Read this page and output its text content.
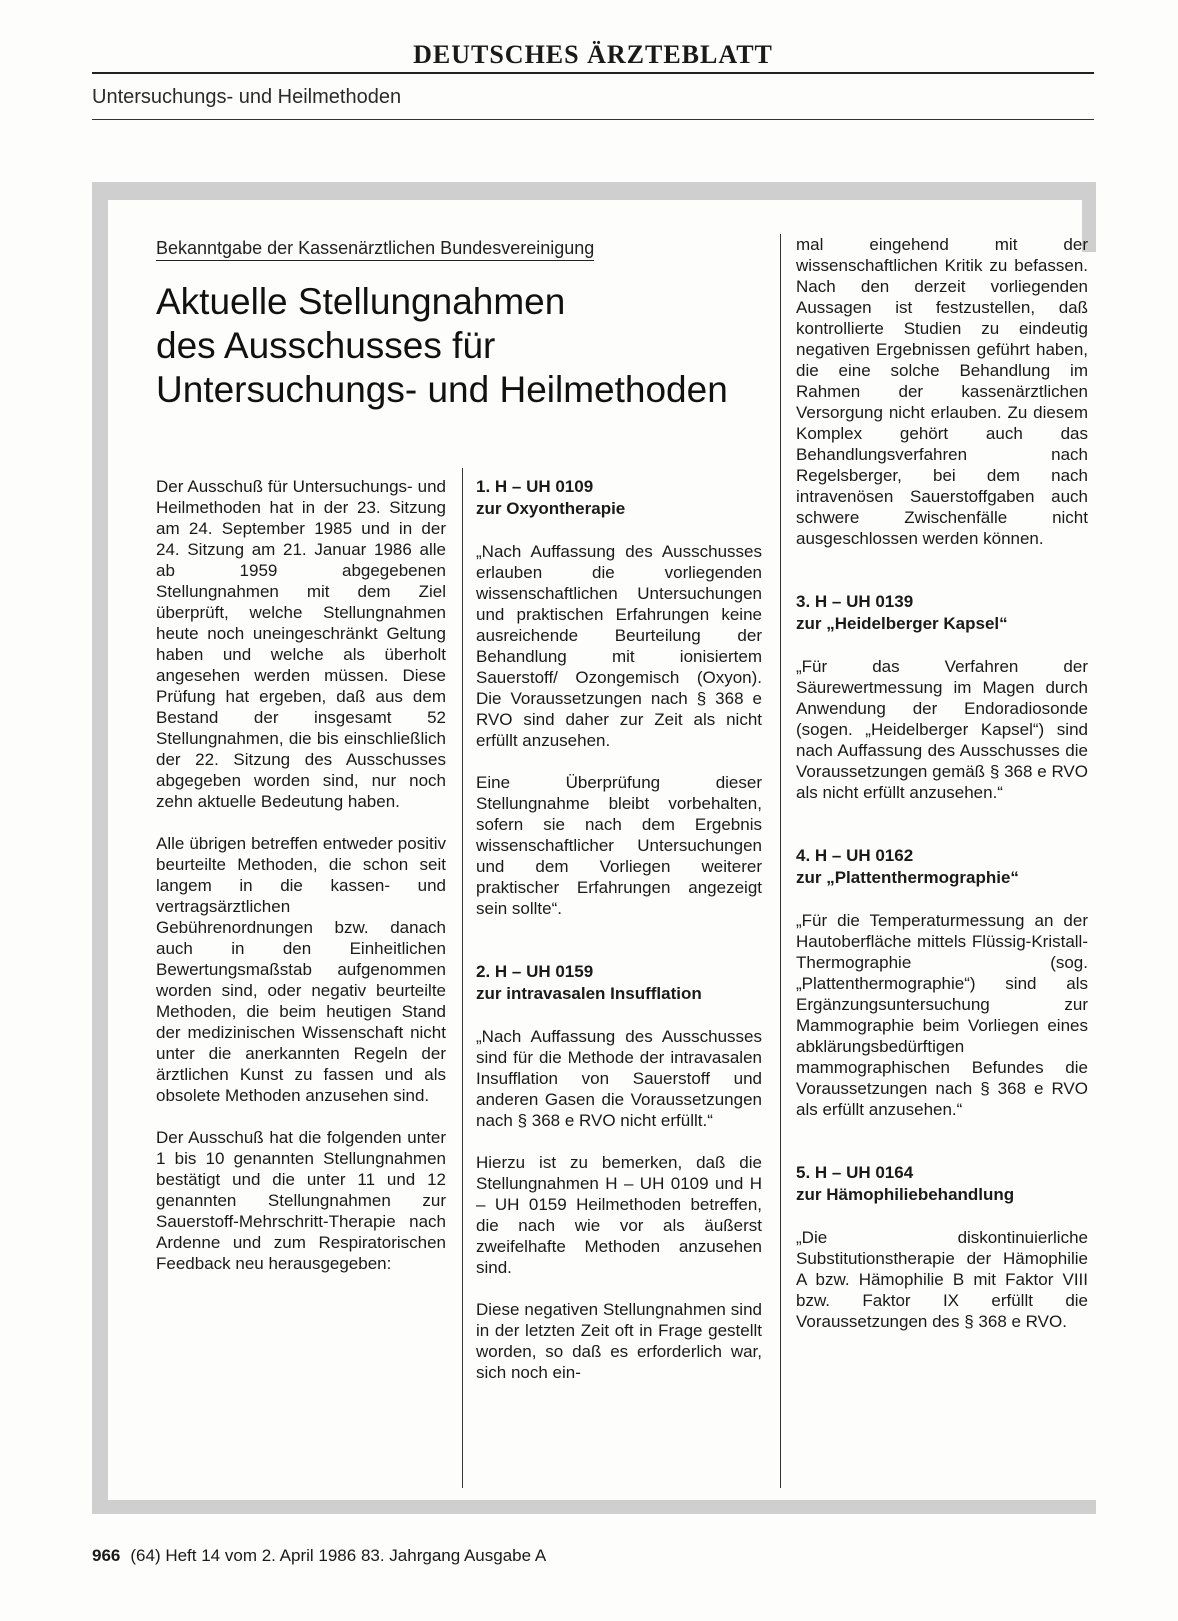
DEUTSCHES ÄRZTEBLATT
Untersuchungs- und Heilmethoden
Bekanntgabe der Kassenärztlichen Bundesvereinigung
Aktuelle Stellungnahmen
des Ausschusses für
Untersuchungs- und Heilmethoden

Der Ausschuß für Untersuchungs- und Heilmethoden hat in der 23. Sitzung am 24. September 1985 und in der 24. Sitzung am 21. Januar 1986 alle ab 1959 abgegebenen Stellungnahmen mit dem Ziel überprüft, welche Stellungnahmen heute noch uneingeschränkt Geltung haben und welche als überholt angesehen werden müssen. Diese Prüfung hat ergeben, daß aus dem Bestand der insgesamt 52 Stellungnahmen, die bis einschließlich der 22. Sitzung des Ausschusses abgegeben worden sind, nur noch zehn aktuelle Bedeutung haben.

Alle übrigen betreffen entweder positiv beurteilte Methoden, die schon seit langem in die kassen- und vertragsärztlichen Gebührenordnungen bzw. danach auch in den Einheitlichen Bewertungsmaßstab aufgenommen worden sind, oder negativ beurteilte Methoden, die beim heutigen Stand der medizinischen Wissenschaft nicht unter die anerkannten Regeln der ärztlichen Kunst zu fassen und als obsolete Methoden anzusehen sind.

Der Ausschuß hat die folgenden unter 1 bis 10 genannten Stellungnahmen bestätigt und die unter 11 und 12 genannten Stellungnahmen zur Sauerstoff-Mehrschritt-Therapie nach Ardenne und zum Respiratorischen Feedback neu herausgegeben:

1. H – UH 0109
zur Oxyontherapie

„Nach Auffassung des Ausschusses erlauben die vorliegenden wissenschaftlichen Untersuchungen und praktischen Erfahrungen keine ausreichende Beurteilung der Behandlung mit ionisiertem Sauerstoff/ Ozongemisch (Oxyon). Die Voraussetzungen nach § 368 e RVO sind daher zur Zeit als nicht erfüllt anzusehen.

Eine Überprüfung dieser Stellungnahme bleibt vorbehalten, sofern sie nach dem Ergebnis wissenschaftlicher Untersuchungen und dem Vorliegen weiterer praktischer Erfahrungen angezeigt sein sollte“.

2. H – UH 0159
zur intravasalen Insufflation

„Nach Auffassung des Ausschusses sind für die Methode der intravasalen Insufflation von Sauerstoff und anderen Gasen die Voraussetzungen nach § 368 e RVO nicht erfüllt.“

Hierzu ist zu bemerken, daß die Stellungnahmen H – UH 0109 und H – UH 0159 Heilmethoden betreffen, die nach wie vor als äußerst zweifelhafte Methoden anzusehen sind.

Diese negativen Stellungnahmen sind in der letzten Zeit oft in Frage gestellt worden, so daß es erforderlich war, sich noch ein-

mal eingehend mit der wissenschaftlichen Kritik zu befassen. Nach den derzeit vorliegenden Aussagen ist festzustellen, daß kontrollierte Studien zu eindeutig negativen Ergebnissen geführt haben, die eine solche Behandlung im Rahmen der kassenärztlichen Versorgung nicht erlauben. Zu diesem Komplex gehört auch das Behandlungsverfahren nach Regelsberger, bei dem nach intravenösen Sauerstoffgaben auch schwere Zwischenfälle nicht ausgeschlossen werden können.

3. H – UH 0139
zur „Heidelberger Kapsel“

„Für das Verfahren der Säurewertmessung im Magen durch Anwendung der Endoradiosonde (sogen. „Heidelberger Kapsel“) sind nach Auffassung des Ausschusses die Voraussetzungen gemäß § 368 e RVO als nicht erfüllt anzusehen.“

4. H – UH 0162
zur „Plattenthermographie“

„Für die Temperaturmessung an der Hautoberfläche mittels Flüssig-Kristall-Thermographie (sog. „Plattenthermographie“) sind als Ergänzungsuntersuchung zur Mammographie beim Vorliegen eines abklärungsbedürftigen mammographischen Befundes die Voraussetzungen nach § 368 e RVO als erfüllt anzusehen.“

5. H – UH 0164
zur Hämophiliebehandlung

„Die diskontinuierliche Substitutionstherapie der Hämophilie A bzw. Hämophilie B mit Faktor VIII bzw. Faktor IX erfüllt die Voraussetzungen des § 368 e RVO.

966 (64) Heft 14 vom 2. April 1986 83. Jahrgang Ausgabe A
